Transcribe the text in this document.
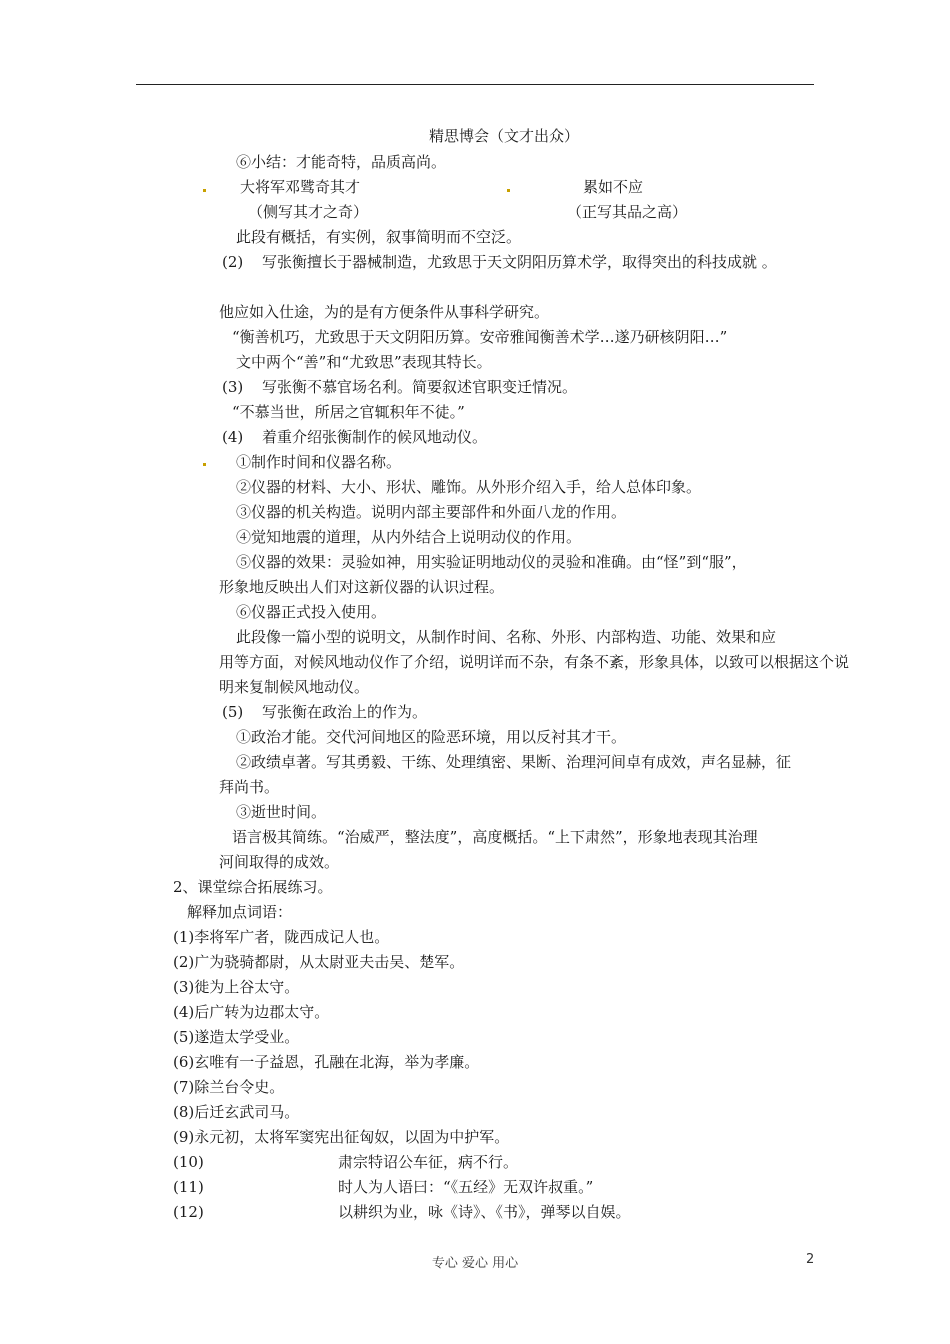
精思博会（文才出众）
⑥小结：才能奇特，品质高尚。
大将军邓骘奇其才	累如不应
（侧写其才之奇）	（正写其品之高）
此段有概括，有实例，叙事简明而不空泛。
(2) 写张衡擅长于器械制造，尤致思于天文阴阳历算术学，取得突出的科技成就 。
他应如入仕途，为的是有方便条件从事科学研究。
“衡善机巧，尤致思于天文阴阳历算。安帝雅闻衡善术学…遂乃研核阴阳…”
文中两个“善”和“尤致思”表现其特长。
(3) 写张衡不慕官场名利。简要叙述官职变迁情况。
“不慕当世，所居之官辄积年不徒。”
(4) 着重介绍张衡制作的候风地动仪。
①制作时间和仪器名称。
②仪器的材料、大小、形状、雕饰。从外形介绍入手，给人总体印象。
③仪器的机关构造。说明内部主要部件和外面八龙的作用。
④觉知地震的道理，从内外结合上说明动仪的作用。
⑤仪器的效果：灵验如神，用实验证明地动仪的灵验和准确。由“怪”到“服”，
形象地反映出人们对这新仪器的认识过程。
⑥仪器正式投入使用。
此段像一篇小型的说明文，从制作时间、名称、外形、内部构造、功能、效果和应
用等方面，对候风地动仪作了介绍，说明详而不杂，有条不紊，形象具体，以致可以根据这个说
明来复制候风地动仪。
(5) 写张衡在政治上的作为。
①政治才能。交代河间地区的险恶环境，用以反衬其才干。
②政绩卓著。写其勇毅、干练、处理缜密、果断、治理河间卓有成效，声名显赫，征
拜尚书。
③逝世时间。
语言极其简练。“治威严，整法度”，高度概括。“上下肃然”，形象地表现其治理
河间取得的成效。
2、课堂综合拓展练习。
解释加点词语：
(1)李将军广者，陇西成记人也。
(2)广为骁骑都尉，从太尉亚夫击吴、楚军。
(3)徙为上谷太守。
(4)后广转为边郡太守。
(5)遂造太学受业。
(6)玄唯有一子益恩，孔融在北海，举为孝廉。
(7)除兰台令史。
(8)后迁玄武司马。
(9)永元初，太将军窦宪出征匈奴，以固为中护军。
(10)	肃宗特诏公车征，病不行。
(11)	时人为人语曰：“《五经》无双许叔重。”
(12)	以耕织为业，咏《诗》、《书》，弹琴以自娱。
专心 爱心 用心	2
